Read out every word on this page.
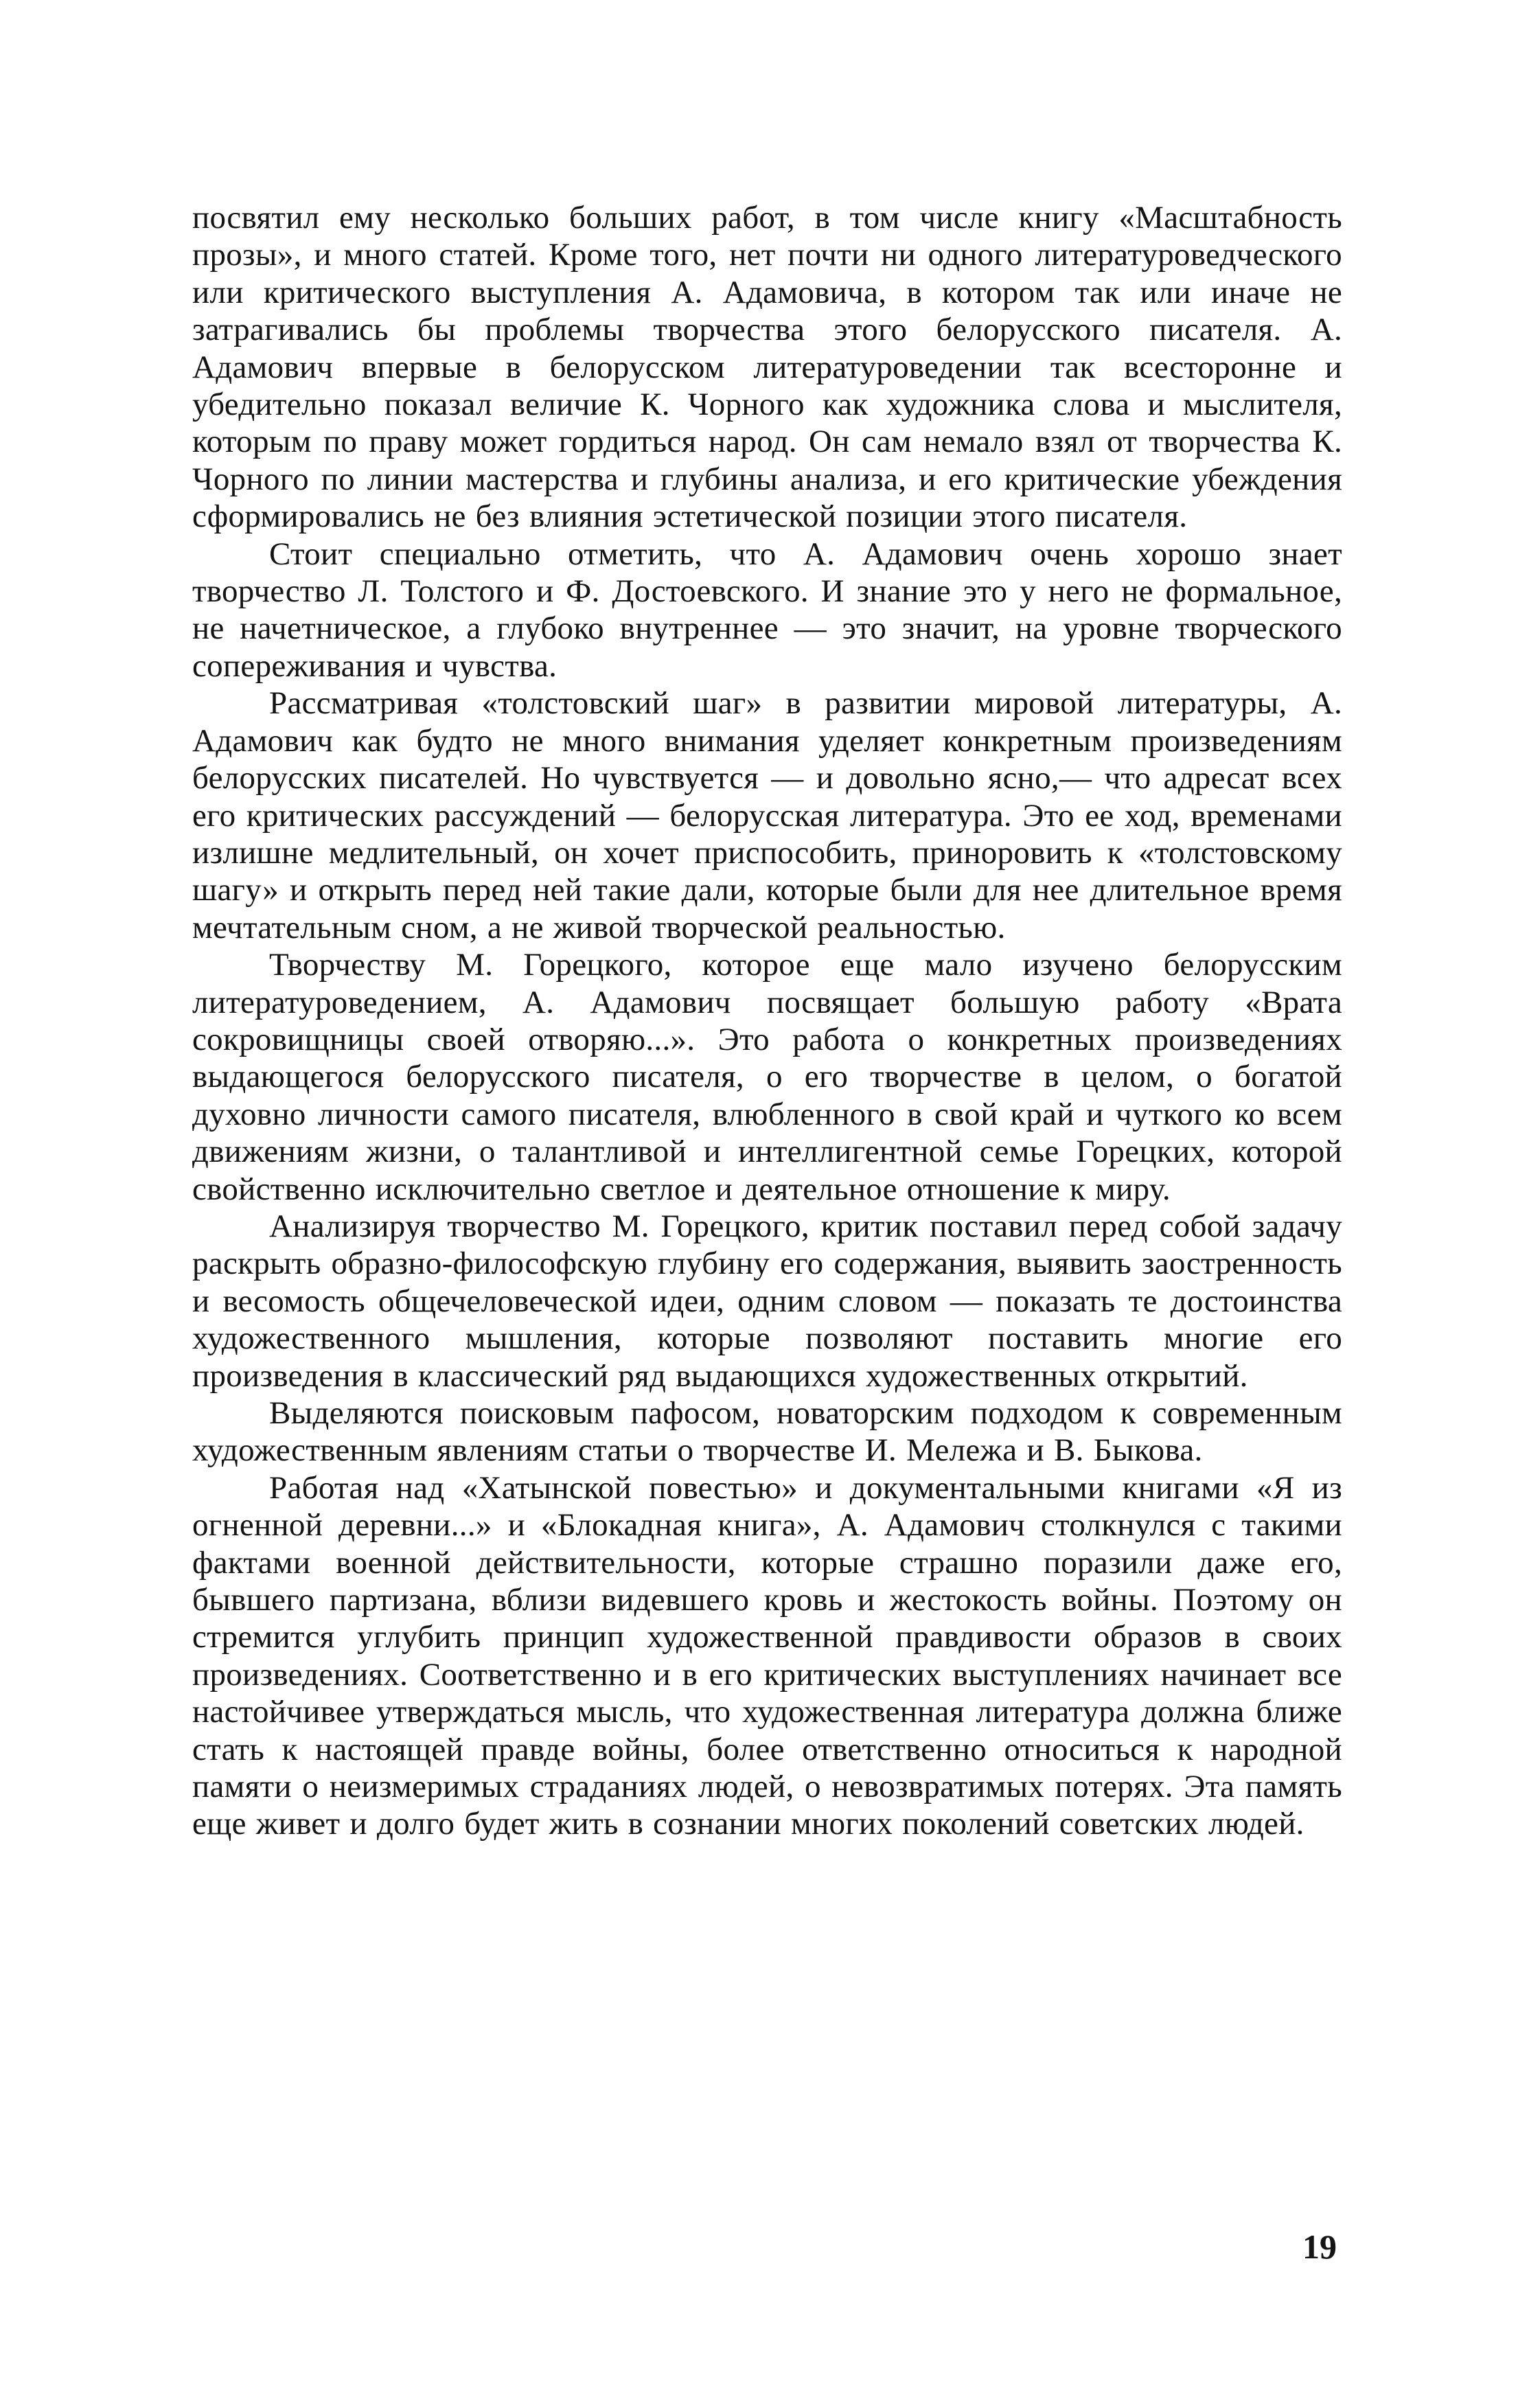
посвятил ему несколько больших работ, в том числе книгу «Масштабность прозы», и много статей. Кроме того, нет почти ни одного литературоведческого или критического выступления А. Адамовича, в котором так или иначе не затрагивались бы проблемы творчества этого белорусского писателя. А. Адамович впервые в белорусском литературоведении так всесторонне и убедительно показал величие К. Чорного как художника слова и мыслителя, которым по праву может гордиться народ. Он сам немало взял от творчества К. Чорного по линии мастерства и глубины анализа, и его критические убеждения сформировались не без влияния эстетической позиции этого писателя.

Стоит специально отметить, что А. Адамович очень хорошо знает творчество Л. Толстого и Ф. Достоевского. И знание это у него не формальное, не начетническое, а глубоко внутреннее — это значит, на уровне творческого сопереживания и чувства.

Рассматривая «толстовский шаг» в развитии мировой литературы, А. Адамович как будто не много внимания уделяет конкретным произведениям белорусских писателей. Но чувствуется — и довольно ясно,— что адресат всех его критических рассуждений — белорусская литература. Это ее ход, временами излишне медлительный, он хочет приспособить, приноровить к «толстовскому шагу» и открыть перед ней такие дали, которые были для нее длительное время мечтательным сном, а не живой творческой реальностью.

Творчеству М. Горецкого, которое еще мало изучено белорусским литературоведением, А. Адамович посвящает большую работу «Врата сокровищницы своей отворяю...». Это работа о конкретных произведениях выдающегося белорусского писателя, о его творчестве в целом, о богатой духовно личности самого писателя, влюбленного в свой край и чуткого ко всем движениям жизни, о талантливой и интеллигентной семье Горецких, которой свойственно исключительно светлое и деятельное отношение к миру.

Анализируя творчество М. Горецкого, критик поставил перед собой задачу раскрыть образно-философскую глубину его содержания, выявить заостренность и весомость общечеловеческой идеи, одним словом — показать те достоинства художественного мышления, которые позволяют поставить многие его произведения в классический ряд выдающихся художественных открытий.

Выделяются поисковым пафосом, новаторским подходом к современным художественным явлениям статьи о творчестве И. Мележа и В. Быкова.

Работая над «Хатынской повестью» и документальными книгами «Я из огненной деревни...» и «Блокадная книга», А. Адамович столкнулся с такими фактами военной действительности, которые страшно поразили даже его, бывшего партизана, вблизи видевшего кровь и жестокость войны. Поэтому он стремится углубить принцип художественной правдивости образов в своих произведениях. Соответственно и в его критических выступлениях начинает все настойчивее утверждаться мысль, что художественная литература должна ближе стать к настоящей правде войны, более ответственно относиться к народной памяти о неизмеримых страданиях людей, о невозвратимых потерях. Эта память еще живет и долго будет жить в сознании многих поколений советских людей.

19
